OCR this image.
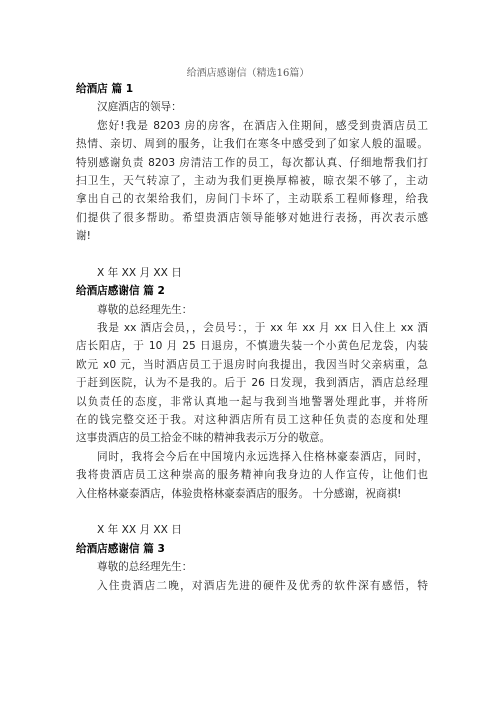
给酒店感谢信（精选16篇）
给酒店 篇 1
汉庭酒店的领导：
您好!我是 8203 房的房客，在酒店入住期间，感受到贵酒店员工
热情、亲切、周到的服务，让我们在寒冬中感受到了如家人般的温暖。
特别感谢负责 8203 房清洁工作的员工，每次都认真、仔细地帮我们打
扫卫生，天气转凉了，主动为我们更换厚棉被，晾衣架不够了，主动
拿出自己的衣架给我们，房间门卡坏了，主动联系工程师修理，给我
们提供了很多帮助。希望贵酒店领导能够对她进行表扬，再次表示感
谢!
X 年 XX 月 XX 日
给酒店感谢信 篇 2
尊敬的总经理先生：
我是 xx 酒店会员，，会员号：，于 xx 年 xx 月 xx 日入住上 xx 酒
店长阳店，于 10 月 25 日退房，不慎遗失装一个小黄色尼龙袋，内装
欧元 x0 元，当时酒店员工于退房时向我提出，我因当时父亲病重，急
于赶到医院，认为不是我的。后于 26 日发现，我到酒店，酒店总经理
以负责任的态度，非常认真地一起与我到当地警署处理此事，并将所
在的钱完整交还于我。对这种酒店所有员工这种任负责的态度和处理
这事贵酒店的员工拾金不昧的精神我表示万分的敬意。
同时，我将会今后在中国境内永远选择入住格林豪泰酒店，同时，
我将贵酒店员工这种崇高的服务精神向我身边的人作宣传，让他们也
入住格林豪泰酒店，体验贵格林豪泰酒店的服务。 十分感谢，祝商祺!
X 年 XX 月 XX 日
给酒店感谢信 篇 3
尊敬的总经理先生：
入住贵酒店二晚，对酒店先进的硬件及优秀的软件深有感悟，特
